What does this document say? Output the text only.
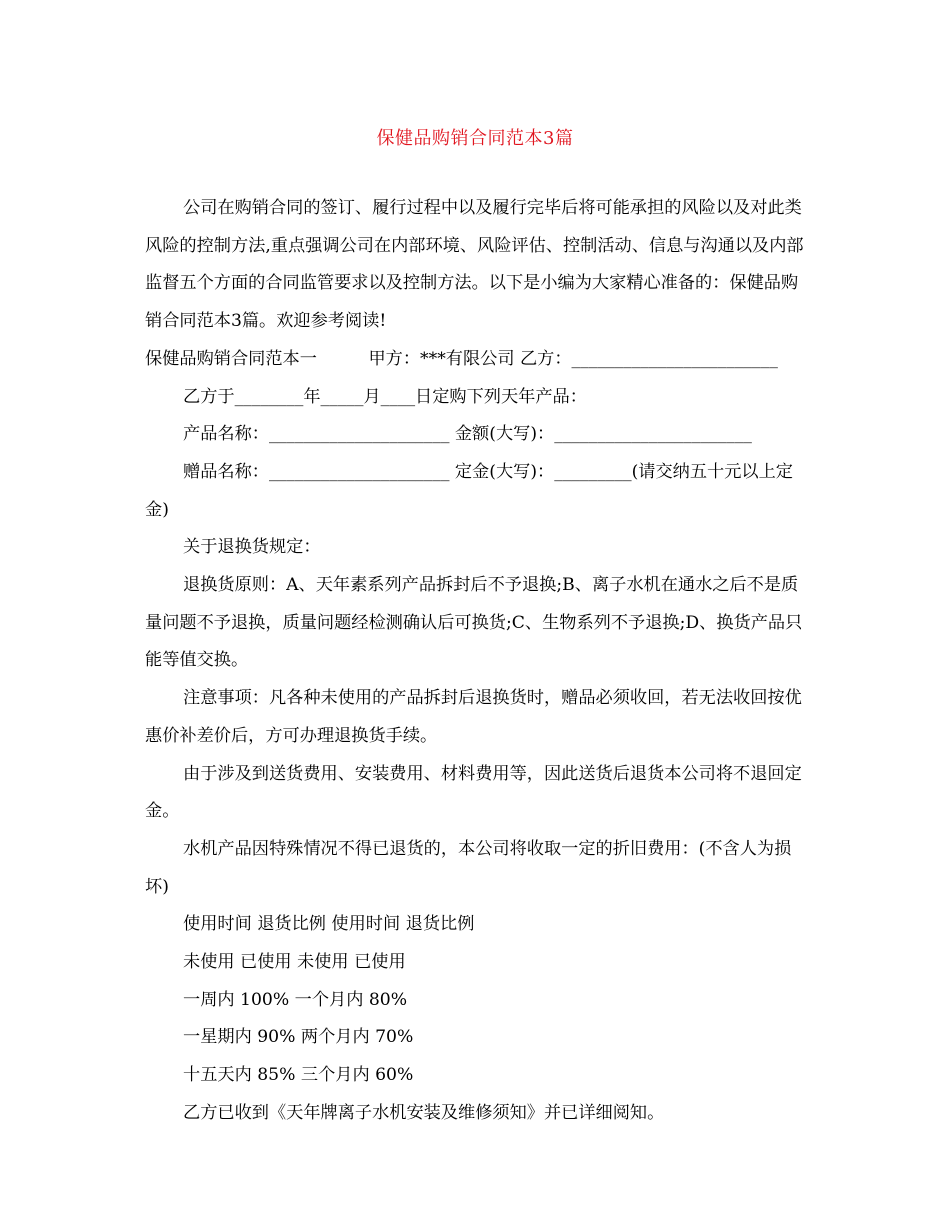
保健品购销合同范本3篇

公司在购销合同的签订、履行过程中以及履行完毕后将可能承担的风险以及对此类风险的控制方法,重点强调公司在内部环境、风险评估、控制活动、信息与沟通以及内部监督五个方面的合同监管要求以及控制方法。以下是小编为大家精心准备的：保健品购销合同范本3篇。欢迎参考阅读!

保健品购销合同范本一　　　甲方：***有限公司 乙方：________________________

乙方于________年_____月____日定购下列天年产品：

产品名称：_____________________ 金额(大写)：_______________________

赠品名称：_____________________ 定金(大写)：_________(请交纳五十元以上定金)

关于退换货规定：

退换货原则：A、天年素系列产品拆封后不予退换;B、离子水机在通水之后不是质量问题不予退换，质量问题经检测确认后可换货;C、生物系列不予退换;D、换货产品只能等值交换。

注意事项：凡各种未使用的产品拆封后退换货时，赠品必须收回，若无法收回按优惠价补差价后，方可办理退换货手续。

由于涉及到送货费用、安装费用、材料费用等，因此送货后退货本公司将不退回定金。

水机产品因特殊情况不得已退货的，本公司将收取一定的折旧费用：(不含人为损坏)

使用时间 退货比例 使用时间 退货比例

未使用 已使用 未使用 已使用

一周内 100% 一个月内 80%

一星期内 90% 两个月内 70%

十五天内 85% 三个月内 60%

乙方已收到《天年牌离子水机安装及维修须知》并已详细阅知。
